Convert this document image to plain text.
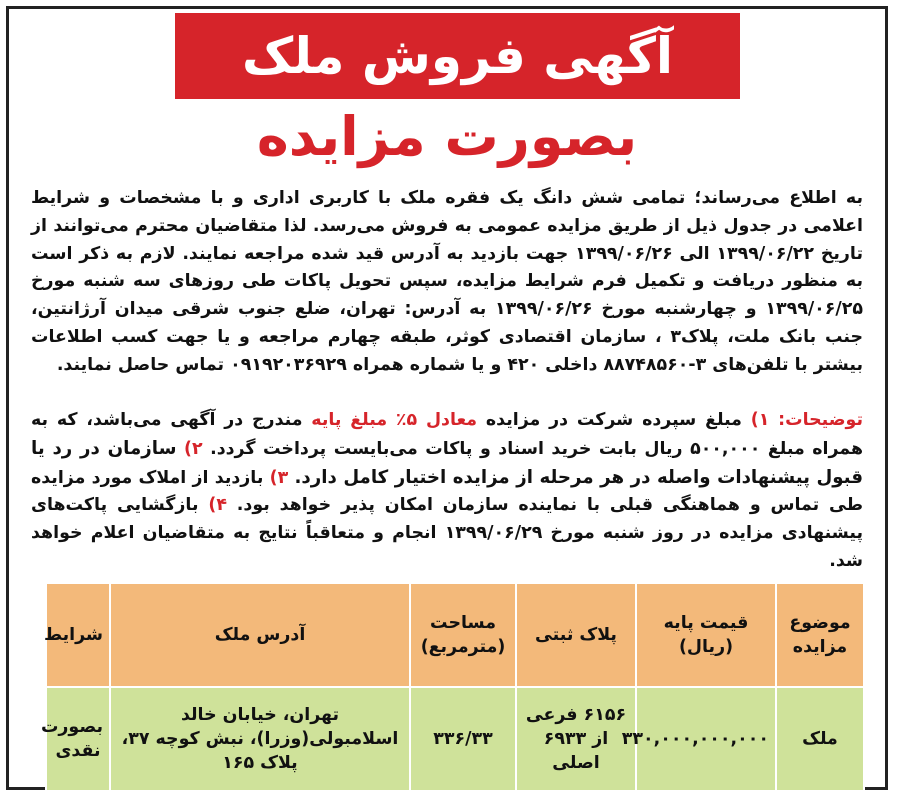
آگهی فروش ملک
بصورت مزایده
به اطلاع می‌رساند؛ تمامی شش دانگ یک فقره ملک با کاربری اداری و با مشخصات و شرایط اعلامی در جدول ذیل از طریق مزایده عمومی به فروش می‌رسد. لذا متقاضیان محترم می‌توانند از تاریخ ۱۳۹۹/۰۶/۲۲ الی ۱۳۹۹/۰۶/۲۶ جهت بازدید به آدرس قید شده مراجعه نمایند. لازم به ذکر است به منظور دریافت و تکمیل فرم شرایط مزایده، سپس تحویل پاکات طی روزهای سه شنبه مورخ ۱۳۹۹/۰۶/۲۵ و چهارشنبه مورخ ۱۳۹۹/۰۶/۲۶ به آدرس: تهران، ضلع جنوب شرقی میدان آرژانتین، جنب بانک ملت، پلاک۳ ، سازمان اقتصادی کوثر، طبقه چهارم مراجعه و یا جهت کسب اطلاعات بیشتر با تلفن‌های ۳-۸۸۷۴۸۵۶۰ داخلی ۴۲۰ و یا شماره همراه ۰۹۱۹۲۰۳۶۹۲۹ تماس حاصل نمایند.
توضیحات: ۱) مبلغ سپرده شرکت در مزایده معادل ۵٪ مبلغ پایه مندرج در آگهی می‌باشد، که به همراه مبلغ ۵۰۰,۰۰۰ ریال بابت خرید اسناد و پاکات می‌بایست پرداخت گردد. ۲) سازمان در رد یا قبول پیشنهادات واصله در هر مرحله از مزایده اختیار کامل دارد. ۳) بازدید از املاک مورد مزایده طی تماس و هماهنگی قبلی با نماینده سازمان امکان پذیر خواهد بود. ۴) بازگشایی پاکت‌های پیشنهادی مزایده در روز شنبه مورخ ۱۳۹۹/۰۶/۲۹ انجام و متعاقباً نتایج به متقاضیان اعلام خواهد شد.
موضوع مزایده	قیمت پایه (ریال)	پلاک ثبتی	مساحت (مترمربع)	آدرس ملک	شرایط
ملک	۳۳۰,۰۰۰,۰۰۰,۰۰۰	۶۱۵۶ فرعی از ۶۹۳۳ اصلی	۳۳۶/۳۳	تهران، خیابان خالد اسلامبولی(وزرا)، نبش کوچه ۳۷، پلاک ۱۶۵	بصورت نقدی
